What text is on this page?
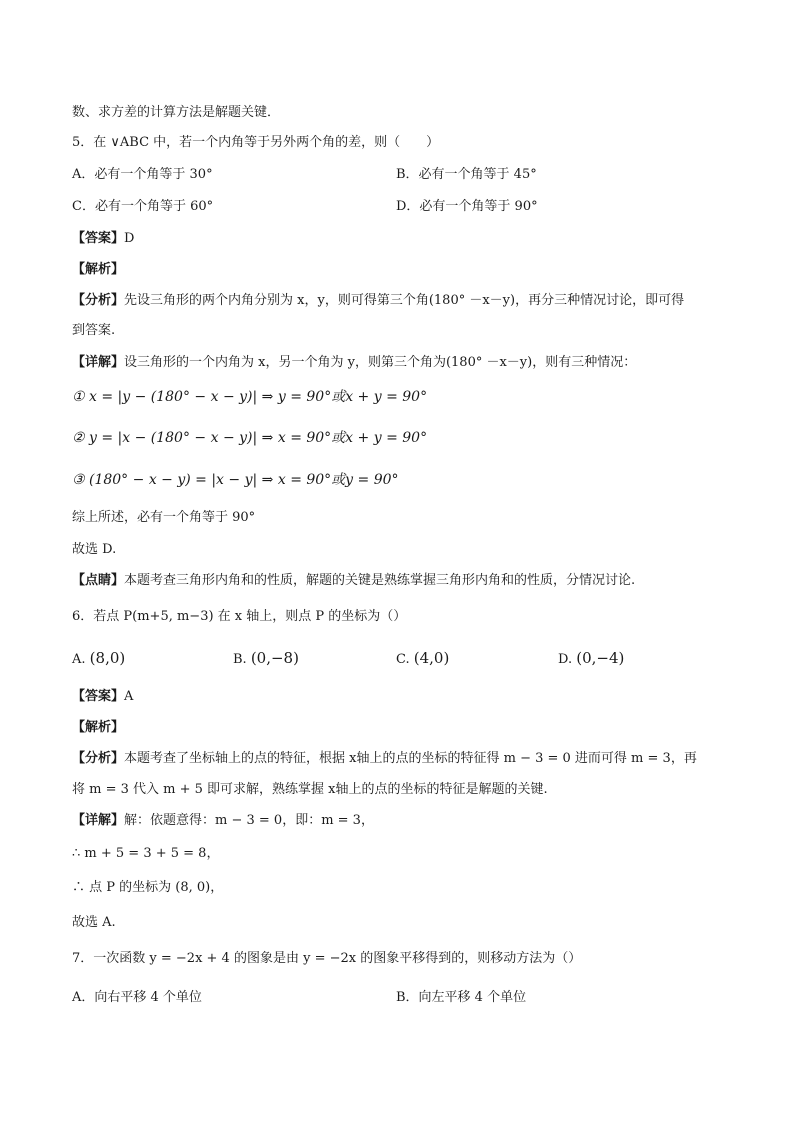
数、求方差的计算方法是解题关键．
5．在 ∨ABC 中，若一个内角等于另外两个角的差，则（　　）
A．必有一个角等于 30°	B．必有一个角等于 45°
C．必有一个角等于 60°	D．必有一个角等于 90°
【答案】D
【解析】
【分析】先设三角形的两个内角分别为 x，y，则可得第三个角(180° －x－y)，再分三种情况讨论，即可得
到答案.
【详解】设三角形的一个内角为 x，另一个角为 y，则第三个角为(180° －x－y)，则有三种情况：
① x = |y − (180° − x − y)| ⇒ y = 90°或x + y = 90°
② y = |x − (180° − x − y)| ⇒ x = 90°或x + y = 90°
③ (180° − x − y) = |x − y| ⇒ x = 90°或y = 90°
综上所述，必有一个角等于 90°
故选 D.
【点睛】本题考查三角形内角和的性质，解题的关键是熟练掌握三角形内角和的性质，分情况讨论.
6．若点 P(m+5, m−3) 在 x 轴上，则点 P 的坐标为（）
A. (8,0)	B. (0,−8)	C. (4,0)	D. (0,−4)
【答案】A
【解析】
【分析】本题考查了坐标轴上的点的特征，根据 x轴上的点的坐标的特征得 m − 3 = 0 进而可得 m = 3，再
将 m = 3 代入 m + 5 即可求解，熟练掌握 x轴上的点的坐标的特征是解题的关键.
【详解】解：依题意得：m − 3 = 0，即：m = 3，
∴ m + 5 = 3 + 5 = 8，
∴ 点 P 的坐标为 (8, 0)，
故选 A.
7．一次函数 y = −2x + 4 的图象是由 y = −2x 的图象平移得到的，则移动方法为（）
A．向右平移 4 个单位	B．向左平移 4 个单位
